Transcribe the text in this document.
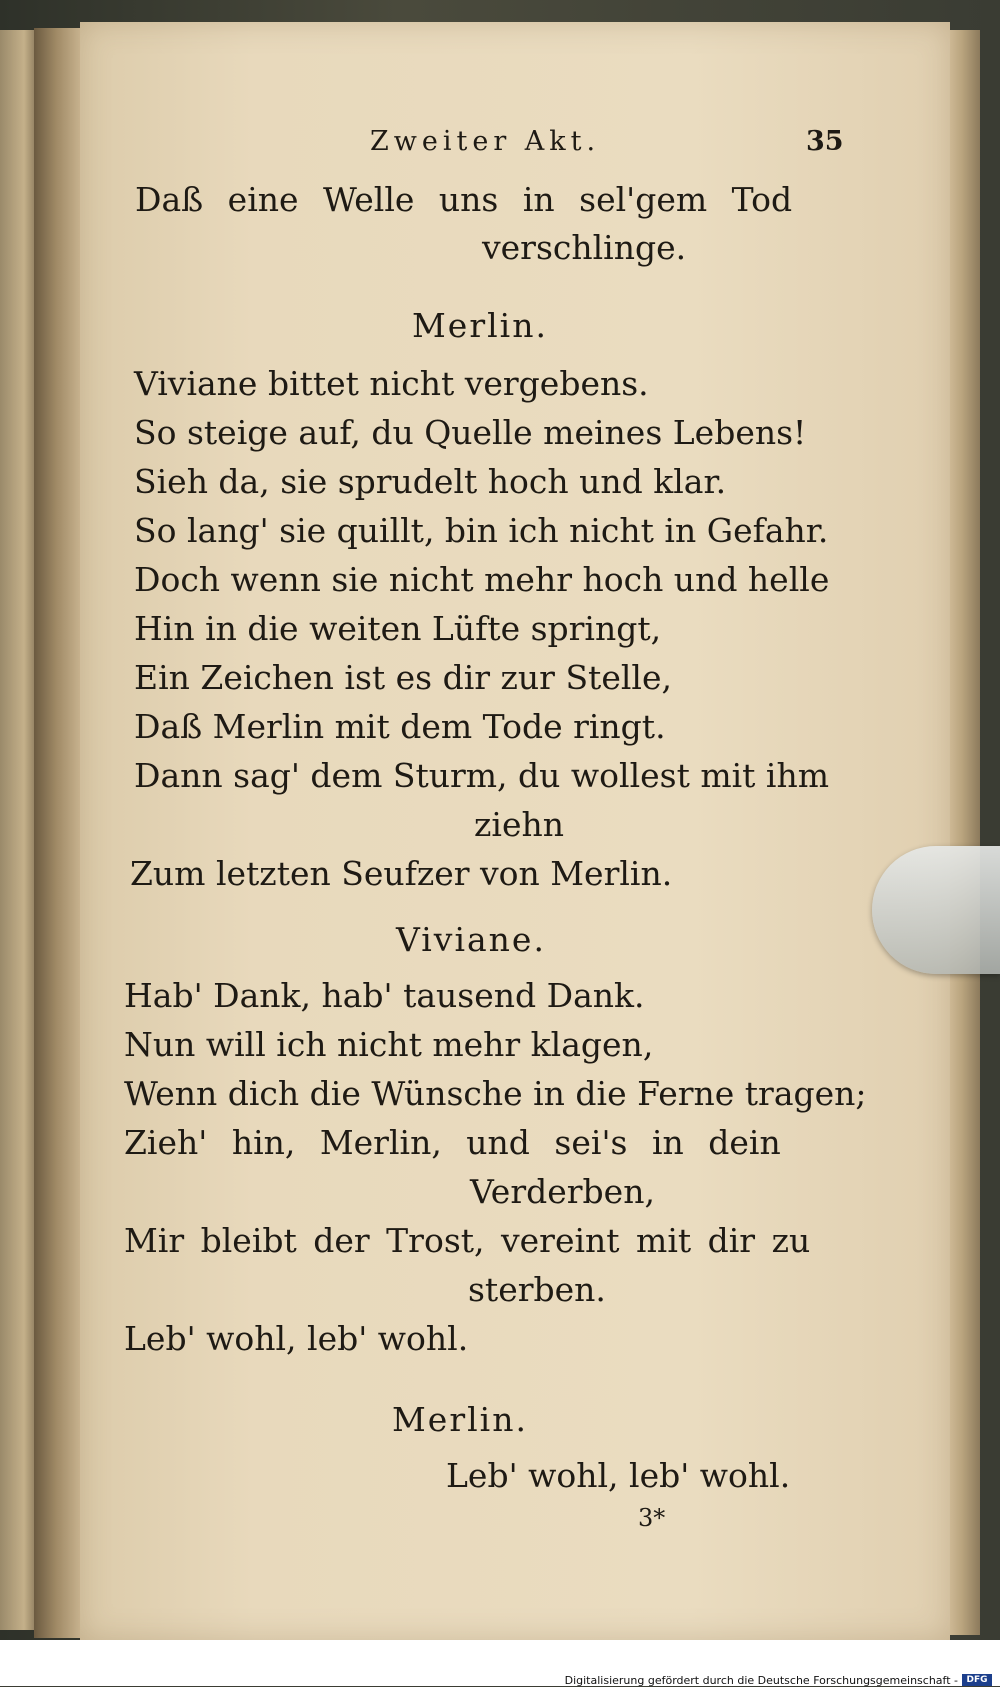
Zweiter Akt.	35
Daß eine Welle uns in sel'gem Tod
verschlinge.
Merlin.
Viviane bittet nicht vergebens.
So steige auf, du Quelle meines Lebens!
Sieh da, sie sprudelt hoch und klar.
So lang' sie quillt, bin ich nicht in Gefahr.
Doch wenn sie nicht mehr hoch und helle
Hin in die weiten Lüfte springt,
Ein Zeichen ist es dir zur Stelle,
Daß Merlin mit dem Tode ringt.
Dann sag' dem Sturm, du wollest mit ihm
ziehn
Zum letzten Seufzer von Merlin.
Viviane.
Hab' Dank, hab' tausend Dank.
Nun will ich nicht mehr klagen,
Wenn dich die Wünsche in die Ferne tragen;
Zieh' hin, Merlin, und sei's in dein
Verderben,
Mir bleibt der Trost, vereint mit dir zu
sterben.
Leb' wohl, leb' wohl.
Merlin.
Leb' wohl, leb' wohl.
3*
Digitalisierung gefördert durch die Deutsche Forschungsgemeinschaft - DFG
